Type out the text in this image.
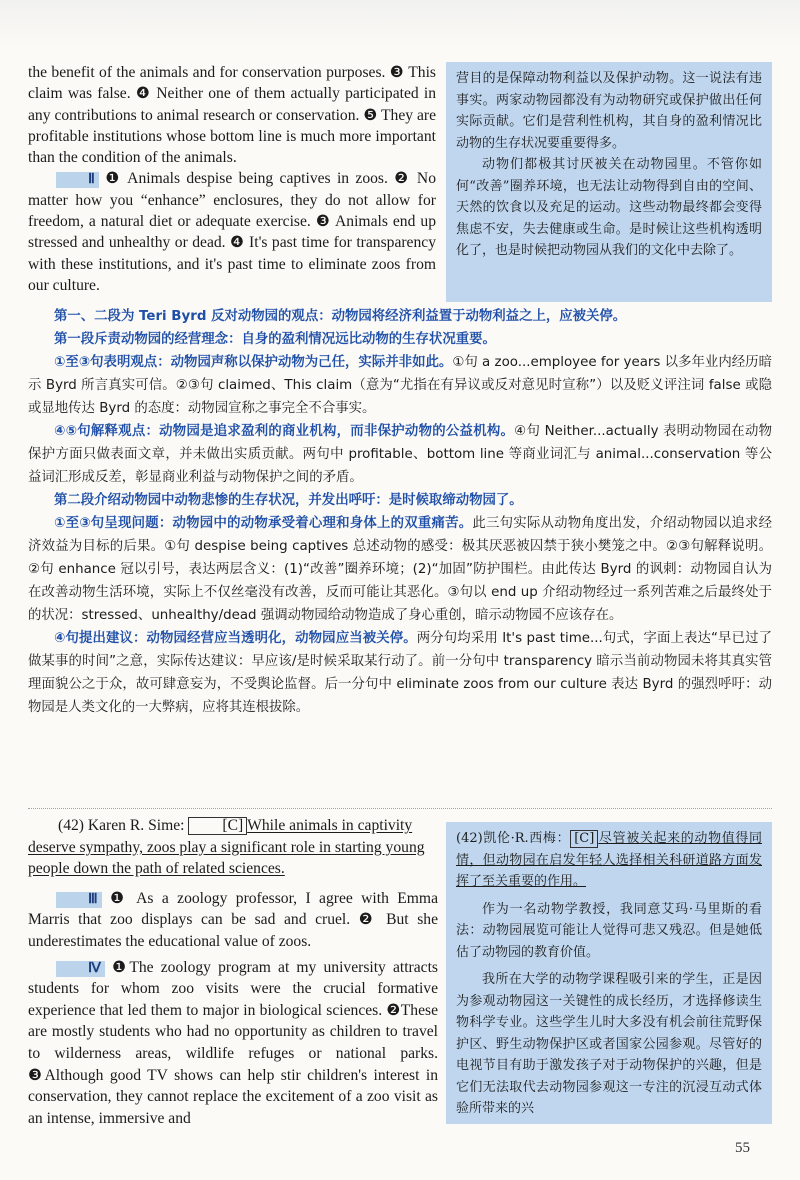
the benefit of the animals and for conservation purposes. ❸ This claim was false. ❹ Neither one of them actually participated in any contributions to animal research or conservation. ❺ They are profitable institutions whose bottom line is much more important than the condition of the animals.

Ⅱ ❶ Animals despise being captives in zoos. ❷ No matter how you “enhance” enclosures, they do not allow for freedom, a natural diet or adequate exercise. ❸ Animals end up stressed and unhealthy or dead. ❹ It's past time for transparency with these institutions, and it's past time to eliminate zoos from our culture.

营目的是保障动物利益以及保护动物。这一说法有违事实。两家动物园都没有为动物研究或保护做出任何实际贡献。它们是营利性机构，其自身的盈利情况比动物的生存状况要重要得多。

动物们都极其讨厌被关在动物园里。不管你如何“改善”圈养环境，也无法让动物得到自由的空间、天然的饮食以及充足的运动。这些动物最终都会变得焦虑不安，失去健康或生命。是时候让这些机构透明化了，也是时候把动物园从我们的文化中去除了。

第一、二段为 Teri Byrd 反对动物园的观点：动物园将经济利益置于动物利益之上，应被关停。

第一段斥责动物园的经营理念：自身的盈利情况远比动物的生存状况重要。

①至③句表明观点：动物园声称以保护动物为己任，实际并非如此。①句 a zoo...employee for years 以多年业内经历暗示 Byrd 所言真实可信。②③句 claimed、This claim（意为“尤指在有异议或反对意见时宣称”）以及贬义评注词 false 或隐或显地传达 Byrd 的态度：动物园宣称之事完全不合事实。

④⑤句解释观点：动物园是追求盈利的商业机构，而非保护动物的公益机构。④句 Neither...actually 表明动物园在动物保护方面只做表面文章，并未做出实质贡献。两句中 profitable、bottom line 等商业词汇与 animal...conservation 等公益词汇形成反差，彰显商业利益与动物保护之间的矛盾。

第二段介绍动物园中动物悲惨的生存状况，并发出呼吁：是时候取缔动物园了。

①至③句呈现问题：动物园中的动物承受着心理和身体上的双重痛苦。此三句实际从动物角度出发，介绍动物园以追求经济效益为目标的后果。①句 despise being captives 总述动物的感受：极其厌恶被囚禁于狭小樊笼之中。②③句解释说明。②句 enhance 冠以引号，表达两层含义：(1)“改善”圈养环境；(2)“加固”防护围栏。由此传达 Byrd 的讽刺：动物园自认为在改善动物生活环境，实际上不仅丝毫没有改善，反而可能让其恶化。③句以 end up 介绍动物经过一系列苦难之后最终处于的状况：stressed、unhealthy/dead 强调动物园给动物造成了身心重创，暗示动物园不应该存在。

④句提出建议：动物园经营应当透明化，动物园应当被关停。两分句均采用 It's past time...句式，字面上表达“早已过了做某事的时间”之意，实际传达建议：早应该/是时候采取某行动了。前一分句中 transparency 暗示当前动物园未将其真实管理面貌公之于众，故可肆意妄为，不受舆论监督。后一分句中 eliminate zoos from our culture 表达 Byrd 的强烈呼吁：动物园是人类文化的一大弊病，应将其连根拔除。

(42) Karen R. Sime: [C] While animals in captivity deserve sympathy, zoos play a significant role in starting young people down the path of related sciences.

Ⅲ ❶ As a zoology professor, I agree with Emma Marris that zoo displays can be sad and cruel. ❷ But she underestimates the educational value of zoos.

Ⅳ ❶The zoology program at my university attracts students for whom zoo visits were the crucial formative experience that led them to major in biological sciences. ❷These are mostly students who had no opportunity as children to travel to wilderness areas, wildlife refuges or national parks. ❸Although good TV shows can help stir children's interest in conservation, they cannot replace the excitement of a zoo visit as an intense, immersive and

(42)凯伦·R.西梅： [C] 尽管被关起来的动物值得同情，但动物园在启发年轻人选择相关科研道路方面发挥了至关重要的作用。

作为一名动物学教授，我同意艾玛·马里斯的看法：动物园展览可能让人觉得可悲又残忍。但是她低估了动物园的教育价值。

我所在大学的动物学课程吸引来的学生，正是因为参观动物园这一关键性的成长经历，才选择修读生物科学专业。这些学生儿时大多没有机会前往荒野保护区、野生动物保护区或者国家公园参观。尽管好的电视节目有助于激发孩子对于动物保护的兴趣，但是它们无法取代去动物园参观这一专注的沉浸互动式体验所带来的兴

55
